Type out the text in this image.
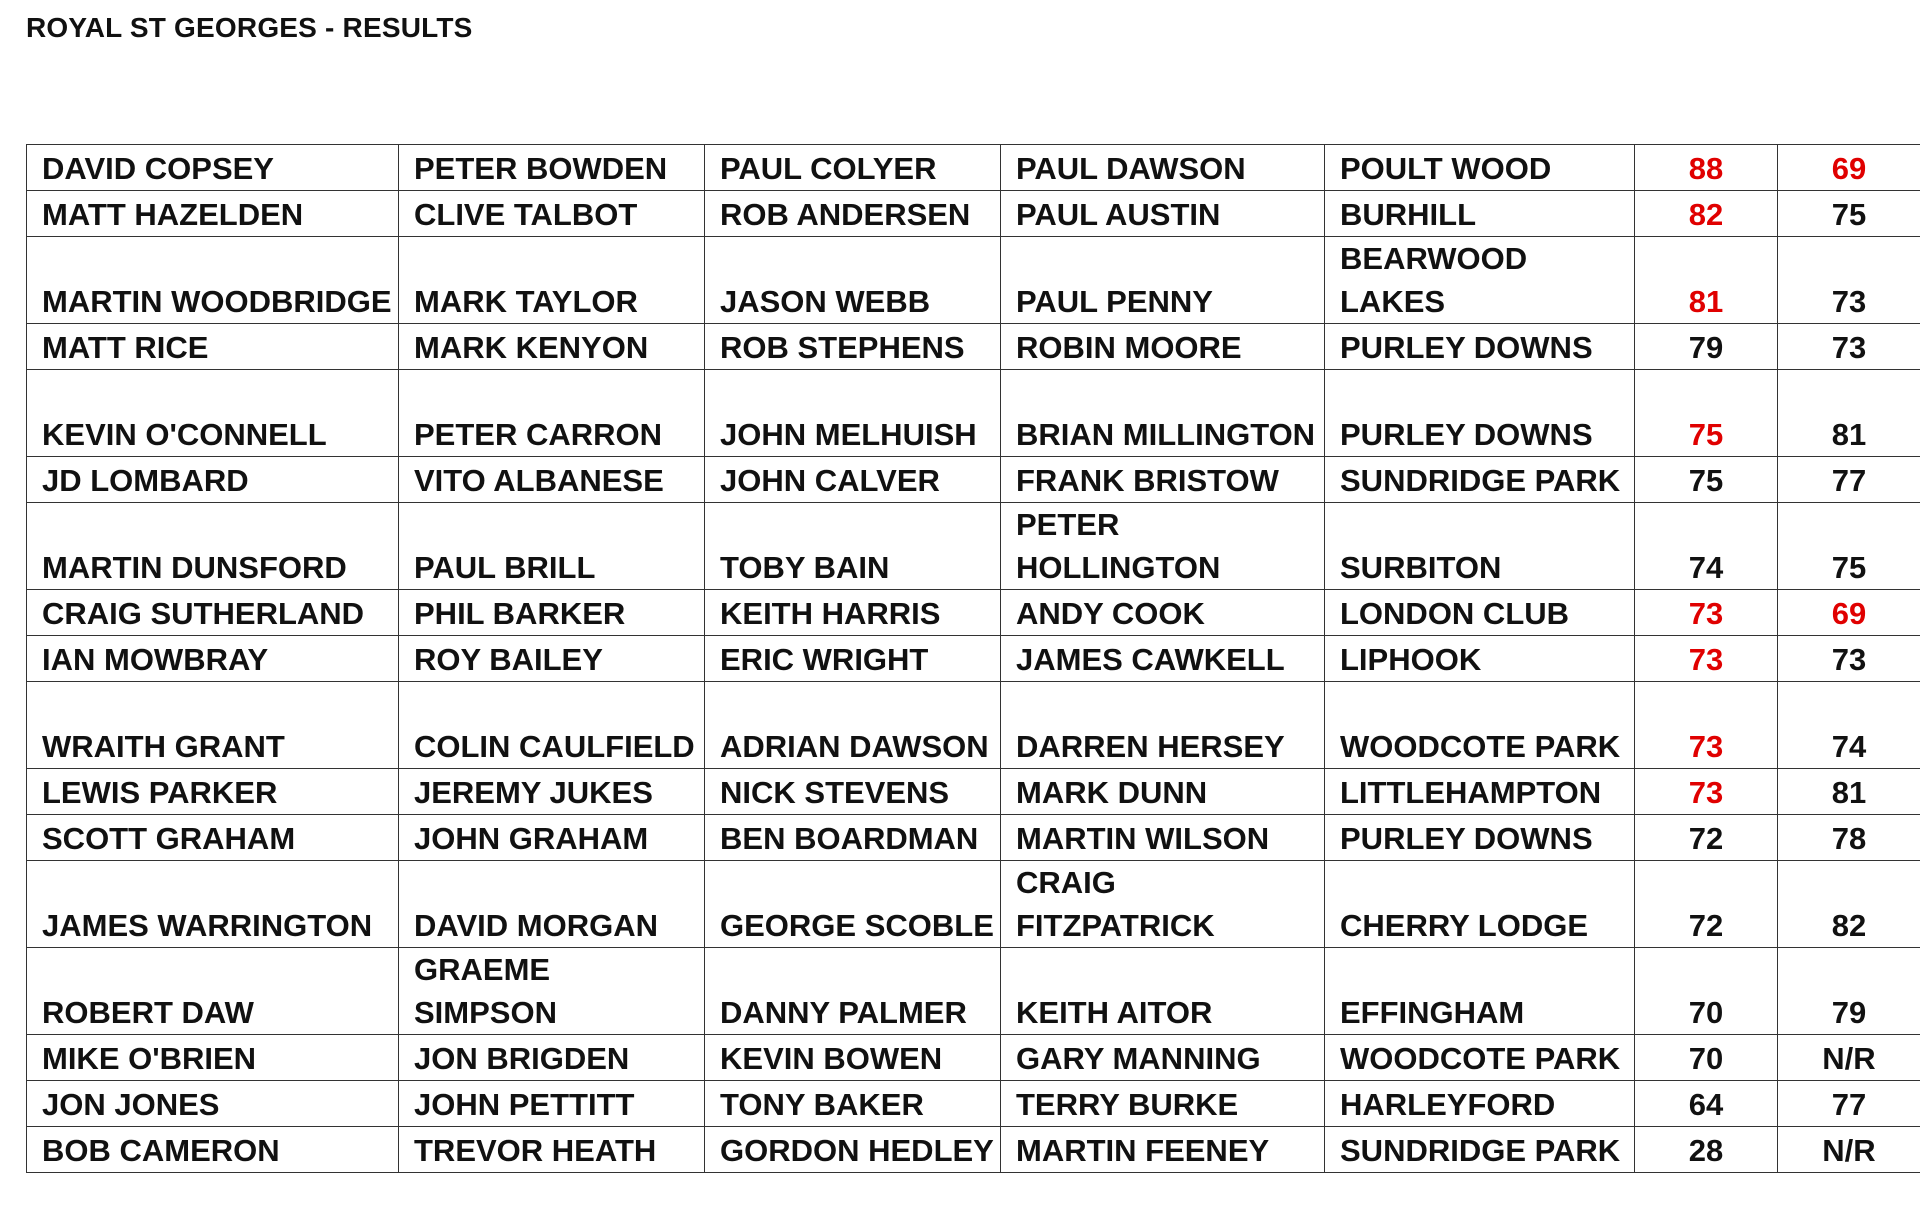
ROYAL ST GEORGES - RESULTS
DAVID COPSEY	PETER BOWDEN	PAUL COLYER	PAUL DAWSON	POULT WOOD	88	69
MATT HAZELDEN	CLIVE TALBOT	ROB ANDERSEN	PAUL AUSTIN	BURHILL	82	75
MARTIN WOODBRIDGE	MARK TAYLOR	JASON WEBB	PAUL PENNY	BEARWOOD LAKES	81	73
MATT RICE	MARK KENYON	ROB STEPHENS	ROBIN MOORE	PURLEY DOWNS	79	73
KEVIN O'CONNELL	PETER CARRON	JOHN MELHUISH	BRIAN MILLINGTON	PURLEY DOWNS	75	81
JD LOMBARD	VITO ALBANESE	JOHN CALVER	FRANK BRISTOW	SUNDRIDGE PARK	75	77
MARTIN DUNSFORD	PAUL BRILL	TOBY BAIN	PETER HOLLINGTON	SURBITON	74	75
CRAIG SUTHERLAND	PHIL BARKER	KEITH HARRIS	ANDY COOK	LONDON CLUB	73	69
IAN MOWBRAY	ROY BAILEY	ERIC WRIGHT	JAMES CAWKELL	LIPHOOK	73	73
WRAITH GRANT	COLIN CAULFIELD	ADRIAN DAWSON	DARREN HERSEY	WOODCOTE PARK	73	74
LEWIS PARKER	JEREMY JUKES	NICK STEVENS	MARK DUNN	LITTLEHAMPTON	73	81
SCOTT GRAHAM	JOHN GRAHAM	BEN BOARDMAN	MARTIN WILSON	PURLEY DOWNS	72	78
JAMES WARRINGTON	DAVID MORGAN	GEORGE SCOBLE	CRAIG FITZPATRICK	CHERRY LODGE	72	82
ROBERT DAW	GRAEME SIMPSON	DANNY PALMER	KEITH AITOR	EFFINGHAM	70	79
MIKE O'BRIEN	JON BRIGDEN	KEVIN BOWEN	GARY MANNING	WOODCOTE PARK	70	N/R
JON JONES	JOHN PETTITT	TONY BAKER	TERRY BURKE	HARLEYFORD	64	77
BOB CAMERON	TREVOR HEATH	GORDON HEDLEY	MARTIN FEENEY	SUNDRIDGE PARK	28	N/R
